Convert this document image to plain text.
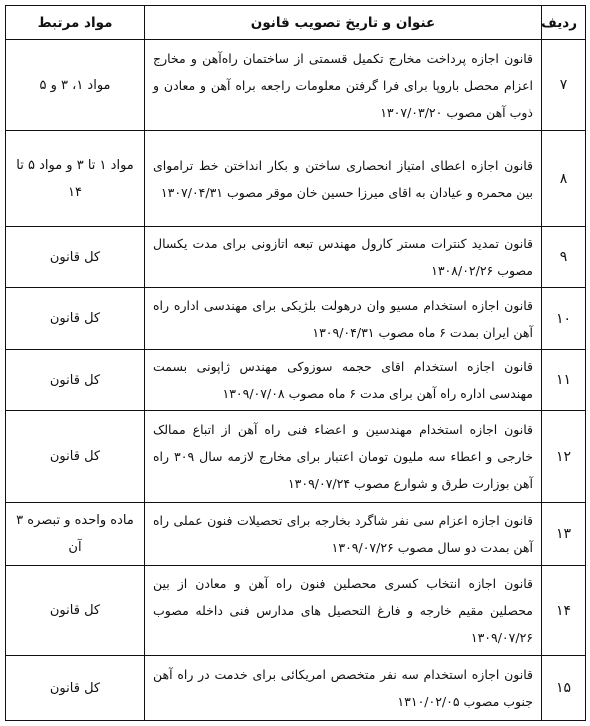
ردیف	عنوان و تاریخ تصویب قانون	مواد مرتبط
۷	قانون اجازه پرداخت مخارج تکمیل قسمتی از ساختمان راه‌آهن و مخارج اعزام محصل باروپا برای فرا گرفتن معلومات راجعه براه آهن و معادن و ذوب آهن مصوب ۱۳۰۷/۰۳/۲۰	مواد ۱، ۳ و ۵
۸	قانون اجازه اعطای امتیاز انحصاری ساختن و بکار انداختن خط تراموای بین محمره و عیادان به اقای میرزا حسین خان موقر مصوب ۱۳۰۷/۰۴/۳۱	مواد ۱ تا ۳ و مواد ۵ تا ۱۴
۹	قانون تمدید کنترات مستر کارول مهندس تبعه اتازونی برای مدت یکسال مصوب ۱۳۰۸/۰۲/۲۶	کل قانون
۱۰	قانون اجازه استخدام مسیو وان درهولت بلژیکی برای مهندسی اداره راه آهن ایران بمدت ۶ ماه مصوب ۱۳۰۹/۰۴/۳۱	کل قانون
۱۱	قانون اجازه استخدام اقای حجمه سوزوکی مهندس ژاپونی بسمت مهندسی اداره راه آهن برای مدت ۶ ماه مصوب ۱۳۰۹/۰۷/۰۸	کل قانون
۱۲	قانون اجازه استخدام مهندسین و اعضاء فنی راه آهن از اتباع ممالک خارجی و اعطاء سه ملیون تومان اعتبار برای مخارج لازمه سال ۳۰۹ راه آهن بوزارت طرق و شوارع مصوب ۱۳۰۹/۰۷/۲۴	کل قانون
۱۳	قانون اجازه اعزام سی نفر شاگرد بخارجه برای تحصیلات فنون عملی راه آهن بمدت دو سال مصوب ۱۳۰۹/۰۷/۲۶	ماده واحده و تبصره ۳ آن
۱۴	قانون اجازه انتخاب کسری محصلین فنون راه آهن و معادن از بین محصلین مقیم خارجه و فارغ التحصیل های مدارس فنی داخله مصوب ۱۳۰۹/۰۷/۲۶	کل قانون
۱۵	قانون اجازه استخدام سه نفر متخصص امریکائی برای خدمت در راه آهن جنوب مصوب ۱۳۱۰/۰۲/۰۵	کل قانون
